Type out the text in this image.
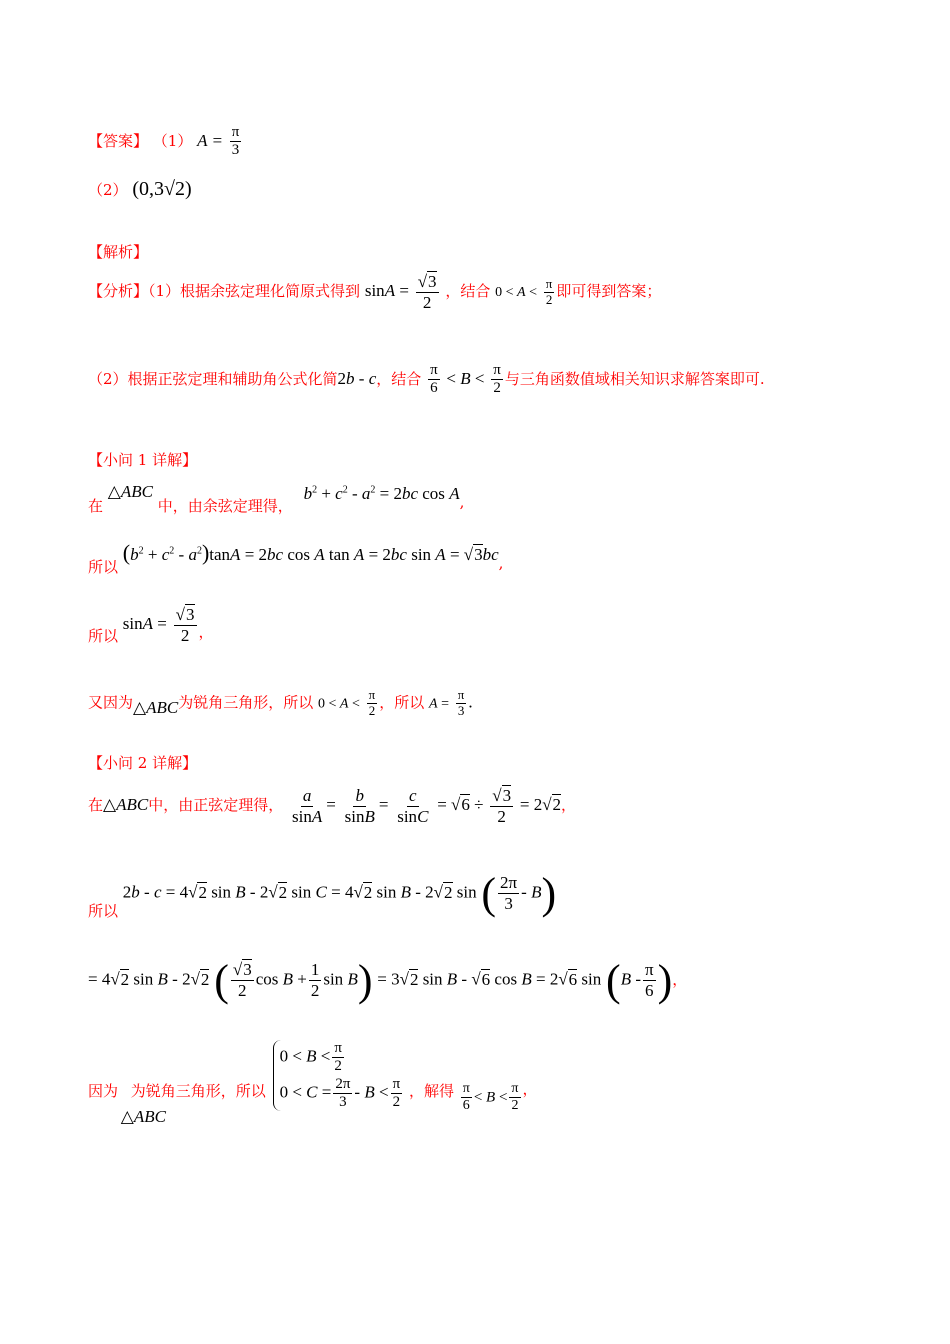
【答案】 （1） $A = \frac{\pi}{3}$
（2） (0,3√2)
【解析】
【分析】（1）根据余弦定理化简原式得到 $\sin A = \frac{√3}{2}$ ，结合 $0 < A < \frac{\pi}{2}$ 即可得到答案；
（2）根据正弦定理和辅助角公式化简2b - c，结合 $\frac{\pi}{6} < B < \frac{\pi}{2}$ 与三角函数值域相关知识求解答案即可.
【小问 1 详解】
在 △ABC 中，由余弦定理得， $b^2 + c^2 - a^2 = 2bc$ cos A,
所以 $(b^2 + c^2 - a^2)\tan A = 2bc$ cos A tan A = 2bc sin A = √3bc,
所以 $\sin A = \frac{√3}{2}$ ，
又因为△ABC为锐角三角形，所以 $0 < A < \frac{\pi}{2}$ ，所以 $A = \frac{\pi}{3}$ .
【小问 2 详解】
在△ABC中，由正弦定理得， $\frac{a}{\sin A} = \frac{b}{\sin B} = \frac{c}{\sin C} = √6 \div \frac{√3}{2} = 2√2$，
所以 2b - c = 4√2 sin B - 2√2 sin C = 4√2 sin B - 2√2 sin ( $\frac{2\pi}{3} - B$)
= 4√2 sin B - 2√2 ( $\frac{√3}{2}$ $\cos B + \frac{1}{2}$ sin B) = 3√2 sin B - √6 cos B = 2√6 $\sin (B - \frac{\pi}{6}$ )，
因为 △ABC 为锐角三角形，所以
$0 < B < \frac{\pi}{2}$
$0 < C = \frac{2\pi}{3} - B < \frac{\pi}{2}$ ，解得 $\frac{\pi}{6} < B < \frac{\pi}{2}$ ，
